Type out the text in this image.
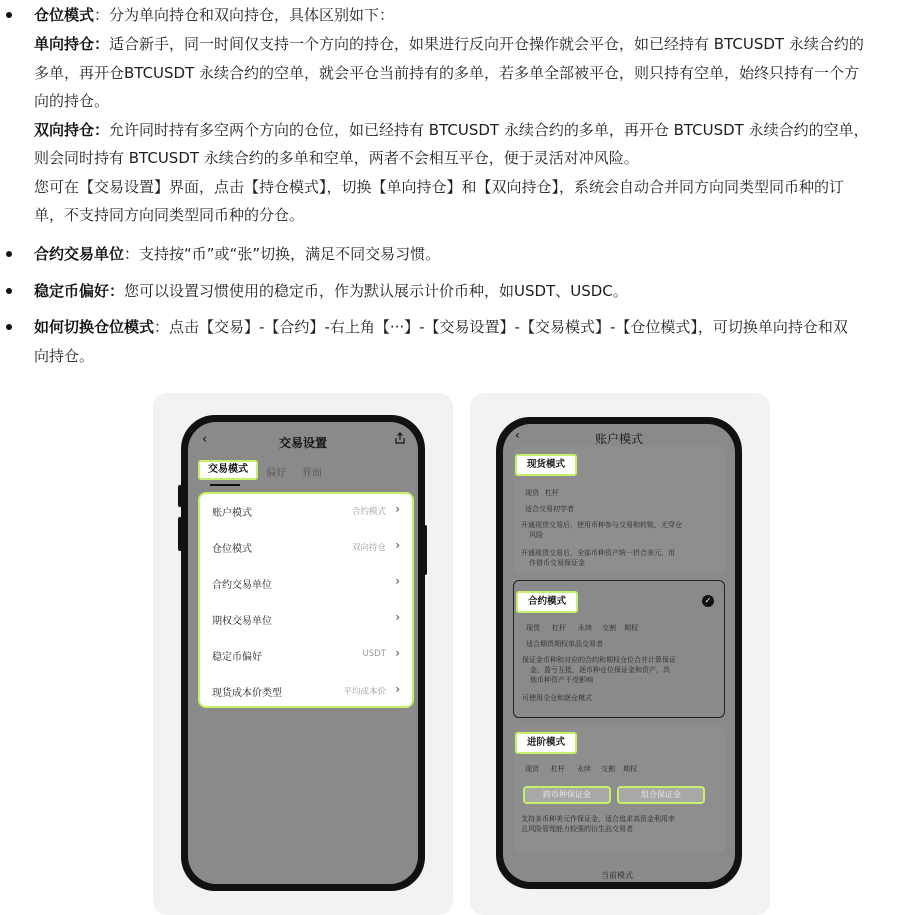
仓位模式：分为单向持仓和双向持仓，具体区别如下：
单向持仓：适合新手，同一时间仅支持一个方向的持仓，如果进行反向开仓操作就会平仓，如已经持有 BTCUSDT 永续合约的
多单，再开仓BTCUSDT 永续合约的空单，就会平仓当前持有的多单，若多单全部被平仓，则只持有空单，始终只持有一个方
向的持仓。
双向持仓：允许同时持有多空两个方向的仓位，如已经持有 BTCUSDT 永续合约的多单，再开仓 BTCUSDT 永续合约的空单，
则会同时持有 BTCUSDT 永续合约的多单和空单，两者不会相互平仓，便于灵活对冲风险。
您可在【交易设置】界面，点击【持仓模式】，切换【单向持仓】和【双向持仓】，系统会自动合并同方向同类型同币种的订
单，不支持同方向同类型同币种的分仓。
合约交易单位：支持按“币”或“张”切换，满足不同交易习惯。
稳定币偏好：您可以设置习惯使用的稳定币，作为默认展示计价币种，如USDT、USDC。
如何切换仓位模式：点击【交易】-【合约】-右上角【···】-【交易设置】-【交易模式】-【仓位模式】，可切换单向持仓和双
向持仓。
‹	交易设置
交易模式	偏好 界面
账户模式	合约模式 ›
仓位模式	双向持仓 ›
合约交易单位	›
期权交易单位	›
稳定币偏好	USDT ›
现货成本价类型	平均成本价 ›
‹	账户模式
现货模式
现货 杠杆
适合交易初学者
开通现货交易后，使用币种参与交易和转账，无穿仓
风险
开通现货交易后，全部币种资产统一折合美元，用
作借币交易保证金
合约模式	✓
现货 杠杆 永续 交割 期权
适合期货期权单品交易者
保证金币种和对应的合约和期权仓位合并计算保证
金，盈亏互抵，逐币种仓位保证金和资产，具
他币种资产不受影响
可使用全仓和逐仓模式
进阶模式
现货 杠杆 永续 交割 期权
跨币种保证金	组合保证金
支持多币种美元作保证金，适合追求高资金利用率
且风险管理能力较强的衍生品交易者
当前模式
